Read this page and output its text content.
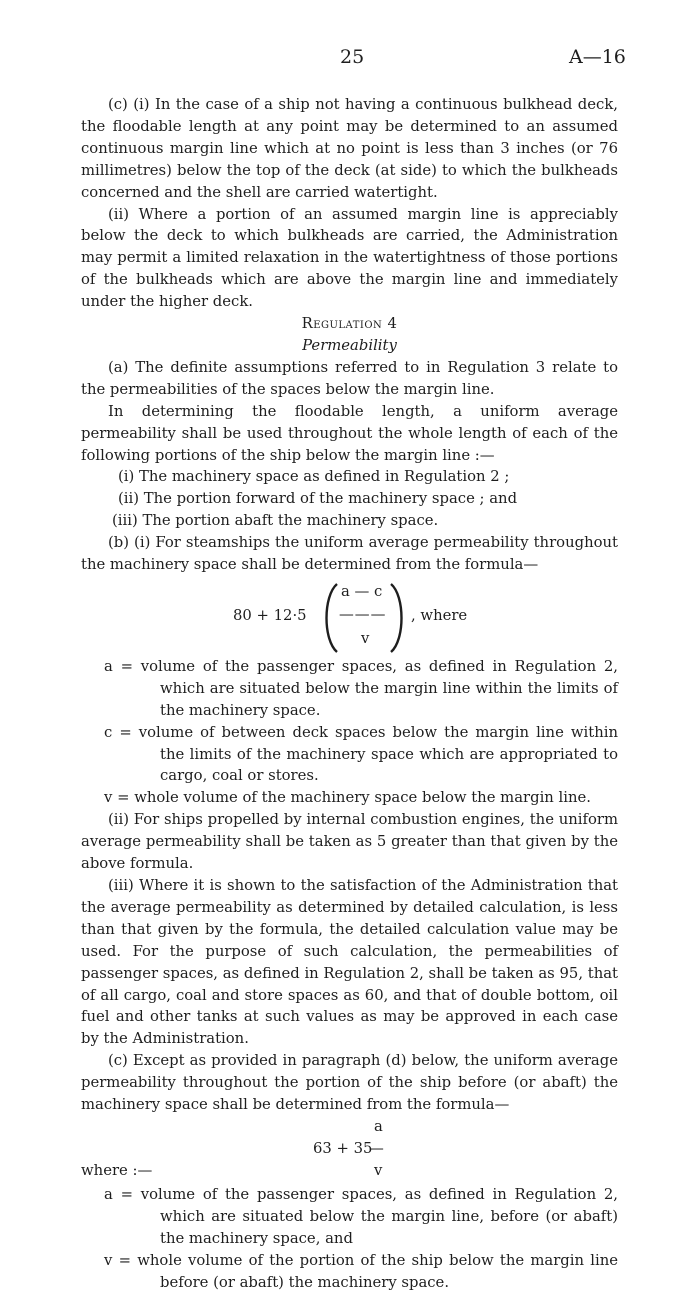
25	A—16

(c) (i) In the case of a ship not having a continuous bulkhead deck, the floodable length at any point may be determined to an assumed continuous margin line which at no point is less than 3 inches (or 76 millimetres) below the top of the deck (at side) to which the bulkheads concerned and the shell are carried watertight.

(ii) Where a portion of an assumed margin line is appreciably below the deck to which bulkheads are carried, the Administration may permit a limited relaxation in the watertightness of those portions of the bulkheads which are above the margin line and immediately under the higher deck.

Regulation 4

Permeability

(a) The definite assumptions referred to in Regulation 3 relate to the permeabilities of the spaces below the margin line.

In determining the floodable length, a uniform average permeability shall be used throughout the whole length of each of the following portions of the ship below the margin line :—

(i) The machinery space as defined in Regulation 2 ;

(ii) The portion forward of the machinery space ; and

(iii) The portion abaft the machinery space.

(b) (i) For steamships the uniform average permeability throughout the machinery space shall be determined from the formula—

80 + 12·5
a — c
———
v
, where

a = volume of the passenger spaces, as defined in Regulation 2, which are situated below the margin line within the limits of the machinery space.

c = volume of between deck spaces below the margin line within the limits of the machinery space which are appropriated to cargo, coal or stores.

v = whole volume of the machinery space below the margin line.

(ii) For ships propelled by internal combustion engines, the uniform average permeability shall be taken as 5 greater than that given by the above formula.

(iii) Where it is shown to the satisfaction of the Administration that the average permeability as determined by detailed calculation, is less than that given by the formula, the detailed calculation value may be used. For the purpose of such calculation, the permeabilities of passenger spaces, as defined in Regulation 2, shall be taken as 95, that of all cargo, coal and store spaces as 60, and that of double bottom, oil fuel and other tanks at such values as may be approved in each case by the Administration.

(c) Except as provided in paragraph (d) below, the uniform average permeability throughout the portion of the ship before (or abaft) the machinery space shall be determined from the formula—

a
63 + 35
—
where :—	v

a = volume of the passenger spaces, as defined in Regulation 2, which are situated below the margin line, before (or abaft) the machinery space, and

v = whole volume of the portion of the ship below the margin line before (or abaft) the machinery space.
